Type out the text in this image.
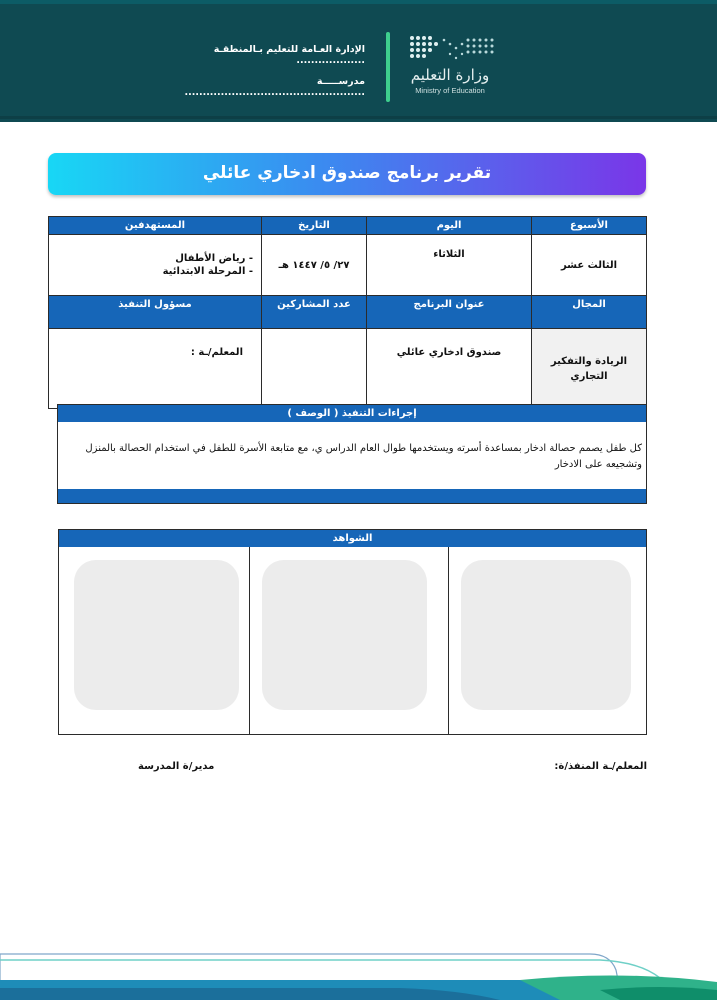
وزارة التعليم
Ministry of Education
الإدارة العـامة للتعليم بـالمنطقـة ...................
مدرســـــة ..................................................
تقرير برنامج صندوق ادخاري عائلي
الأسبوع	اليوم	التاريخ	المستهدفين
الثالث عشر	الثلاثاء	٢٧/ ٥/ ١٤٤٧ هـ	- رياض الأطفال
- المرحلة الابتدائية

المجال	عنوان البرنامج	عدد المشاركين	مسؤول التنفيذ
الريادة والتفكير التجاري	صندوق ادخاري عائلي		المعلم/ـة :
إجراءات التنفيذ ( الوصف )
كل طفل يصمم حصالة ادخار بمساعدة أسرته ويستخدمها طوال العام الدراس ي، مع متابعة الأسرة للطفل في استخدام الحصالة بالمنزل وتشجيعه على الادخار
الشواهد
المعلم/ـة المنفذ/ة:
مدير/ة المدرسة
